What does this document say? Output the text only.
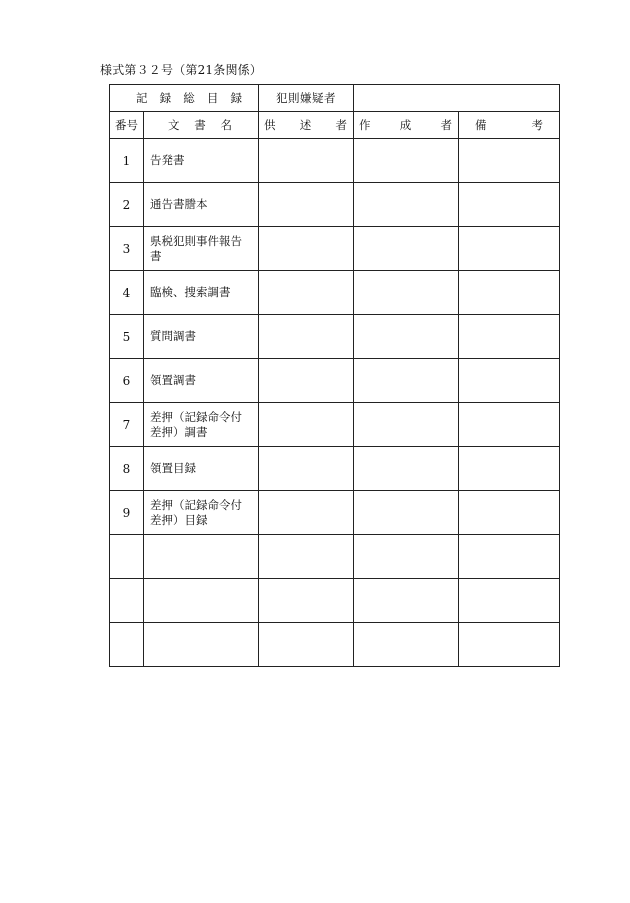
様式第３２号（第21条関係）
記 録 総 目 録		犯則嫌疑者		
番号	文 書 名	供 述 者	作 成 者	備 考

1	告発書			
2	通告書謄本			
3	県税犯則事件報告書			
4	臨検、捜索調書			
5	質問調書			
6	領置調書			
7	差押（記録命令付差押）調書			
8	領置目録			
9	差押（記録命令付差押）目録			
